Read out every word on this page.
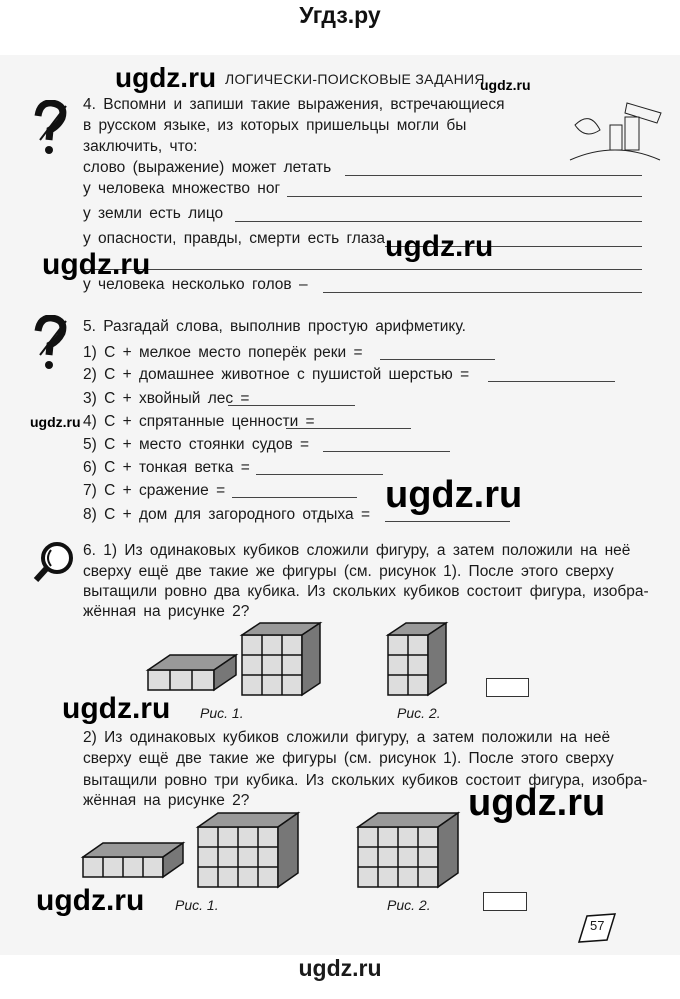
Угдз.ру
ЛОГИЧЕСКИ-ПОИСКОВЫЕ ЗАДАНИЯ
4. Вспомни и запиши такие выражения, встречающиеся
в русском языке, из которых пришельцы могли бы
заключить, что:
слово (выражение) может летать
у человека множество ног
у земли есть лицо
у опасности, правды, смерти есть глаза
у человека несколько голов –
5. Разгадай слова, выполнив простую арифметику.
1) С + мелкое место поперёк реки =
2) С + домашнее животное с пушистой шерстью =
3) С + хвойный лес =
4) С + спрятанные ценности =
5) С + место стоянки судов =
6) С + тонкая ветка =
7) С + сражение =
8) С + дом для загородного отдыха =
6. 1) Из одинаковых кубиков сложили фигуру, а затем положили на неё
сверху ещё две такие же фигуры (см. рисунок 1). После этого сверху
вытащили ровно два кубика. Из скольких кубиков состоит фигура, изобра-
жённая на рисунке 2?
Рис. 1.	Рис. 2.
2) Из одинаковых кубиков сложили фигуру, а затем положили на неё
сверху ещё две такие же фигуры (см. рисунок 1). После этого сверху
вытащили ровно три кубика. Из скольких кубиков состоит фигура, изобра-
жённая на рисунке 2?
Рис. 1.	Рис. 2.
57
ugdz.ru	ugdz.ru
ugdz.ru
ugdz.ru
ugdz.ru
ugdz.ru
ugdz.ru
ugdz.ru
ugdz.ru
ugdz.ru
